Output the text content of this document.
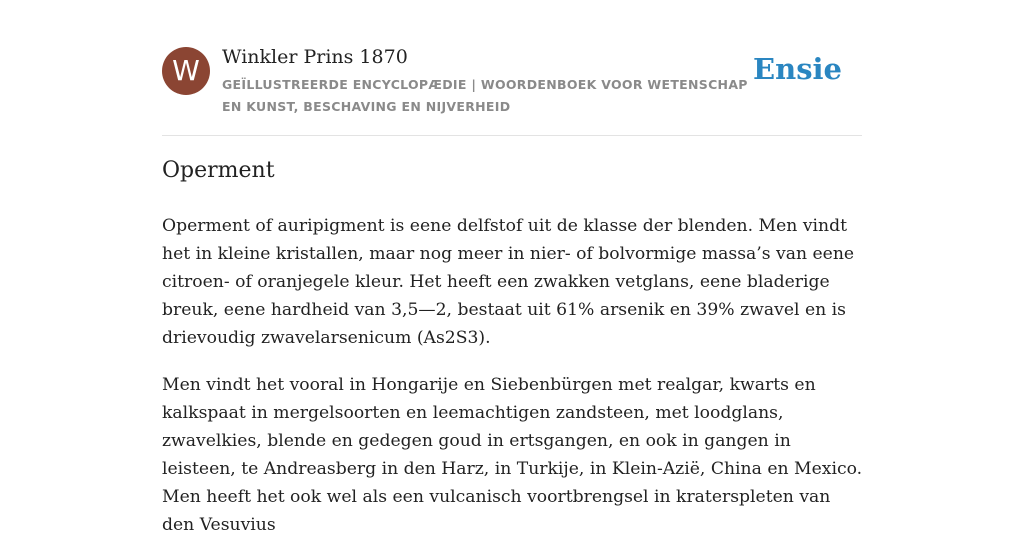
W	Winkler Prins 1870
GEÏLLUSTREERDE ENCYCLOPÆDIE | WOORDENBOEK VOOR WETENSCHAP EN KUNST, BESCHAVING EN NIJVERHEID
Ensie
Operment

Operment of auripigment is eene delfstof uit de klasse der blenden. Men vindt het in kleine kristallen, maar nog meer in nier- of bolvormige massa’s van eene citroen- of oranjegele kleur. Het heeft een zwakken vetglans, eene bladerige breuk, eene hardheid van 3,5—2, bestaat uit 61% arsenik en 39% zwavel en is drievoudig zwavelarsenicum (As2S3).

Men vindt het vooral in Hongarije en Siebenbürgen met realgar, kwarts en kalkspaat in mergelsoorten en leemachtigen zandsteen, met loodglans, zwavelkies, blende en gedegen goud in ertsgangen, en ook in gangen in leisteen, te Andreasberg in den Harz, in Turkije, in Klein-Azië, China en Mexico. Men heeft het ook wel als een vulcanisch voortbrengsel in kraterspleten van den Vesuvius
